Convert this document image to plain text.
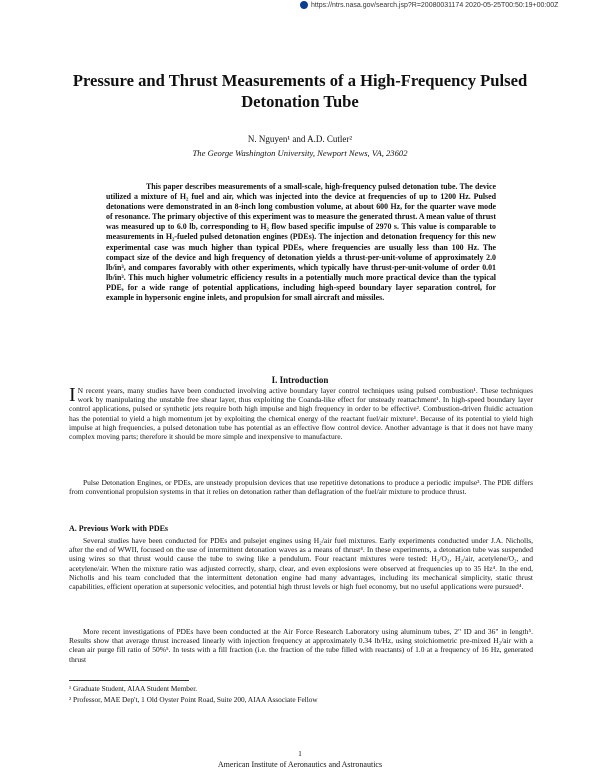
https://ntrs.nasa.gov/search.jsp?R=20080031174 2020-05-25T00:50:19+00:00Z
Pressure and Thrust Measurements of a High-Frequency Pulsed Detonation Tube
N. Nguyen¹ and A.D. Cutler²
The George Washington University, Newport News, VA, 23602

This paper describes measurements of a small-scale, high-frequency pulsed detonation tube. The device utilized a mixture of H₂ fuel and air, which was injected into the device at frequencies of up to 1200 Hz. Pulsed detonations were demonstrated in an 8-inch long combustion volume, at about 600 Hz, for the quarter wave mode of resonance. The primary objective of this experiment was to measure the generated thrust. A mean value of thrust was measured up to 6.0 lb, corresponding to H₂ flow based specific impulse of 2970 s. This value is comparable to measurements in H₂-fueled pulsed detonation engines (PDEs). The injection and detonation frequency for this new experimental case was much higher than typical PDEs, where frequencies are usually less than 100 Hz. The compact size of the device and high frequency of detonation yields a thrust-per-unit-volume of approximately 2.0 lb/in³, and compares favorably with other experiments, which typically have thrust-per-unit-volume of order 0.01 lb/in³. This much higher volumetric efficiency results in a potentially much more practical device than the typical PDE, for a wide range of potential applications, including high-speed boundary layer separation control, for example in hypersonic engine inlets, and propulsion for small aircraft and missiles.

I. Introduction

I N recent years, many studies have been conducted involving active boundary layer control techniques using pulsed combustion¹. These techniques work by manipulating the unstable free shear layer, thus exploiting the Coanda-like effect for unsteady reattachment¹. In high-speed boundary layer control applications, pulsed or synthetic jets require both high impulse and high frequency in order to be effective². Combustion-driven fluidic actuation has the potential to yield a high momentum jet by exploiting the chemical energy of the reactant fuel/air mixture¹. Because of its potential to yield high impulse at high frequencies, a pulsed detonation tube has potential as an effective flow control device. Another advantage is that it does not have many complex moving parts; therefore it should be more simple and inexpensive to manufacture.

Pulse Detonation Engines, or PDEs, are unsteady propulsion devices that use repetitive detonations to produce a periodic impulse³. The PDE differs from conventional propulsion systems in that it relies on detonation rather than deflagration of the fuel/air mixture to produce thrust.

A. Previous Work with PDEs

Several studies have been conducted for PDEs and pulsejet engines using H₂/air fuel mixtures. Early experiments conducted under J.A. Nicholls, after the end of WWII, focused on the use of intermittent detonation waves as a means of thrust⁴. In these experiments, a detonation tube was suspended using wires so that thrust would cause the tube to swing like a pendulum. Four reactant mixtures were tested: H₂/O₂, H₂/air, acetylene/O₂, and acetylene/air. When the mixture ratio was adjusted correctly, sharp, clear, and even explosions were observed at frequencies up to 35 Hz⁴. In the end, Nicholls and his team concluded that the intermittent detonation engine had many advantages, including its mechanical simplicity, static thrust capabilities, efficient operation at supersonic velocities, and potential high thrust levels or high fuel economy, but no useful applications were pursued⁴.

More recent investigations of PDEs have been conducted at the Air Force Research Laboratory using aluminum tubes, 2" ID and 36" in length⁵. Results show that average thrust increased linearly with injection frequency at approximately 0.34 lb/Hz, using stoichiometric pre-mixed H₂/air with a clean air purge fill ratio of 50%⁵. In tests with a fill fraction (i.e. the fraction of the tube filled with reactants) of 1.0 at a frequency of 16 Hz, generated thrust

¹ Graduate Student, AIAA Student Member.
² Professor, MAE Dep't, 1 Old Oyster Point Road, Suite 200, AIAA Associate Fellow
1
American Institute of Aeronautics and Astronautics
